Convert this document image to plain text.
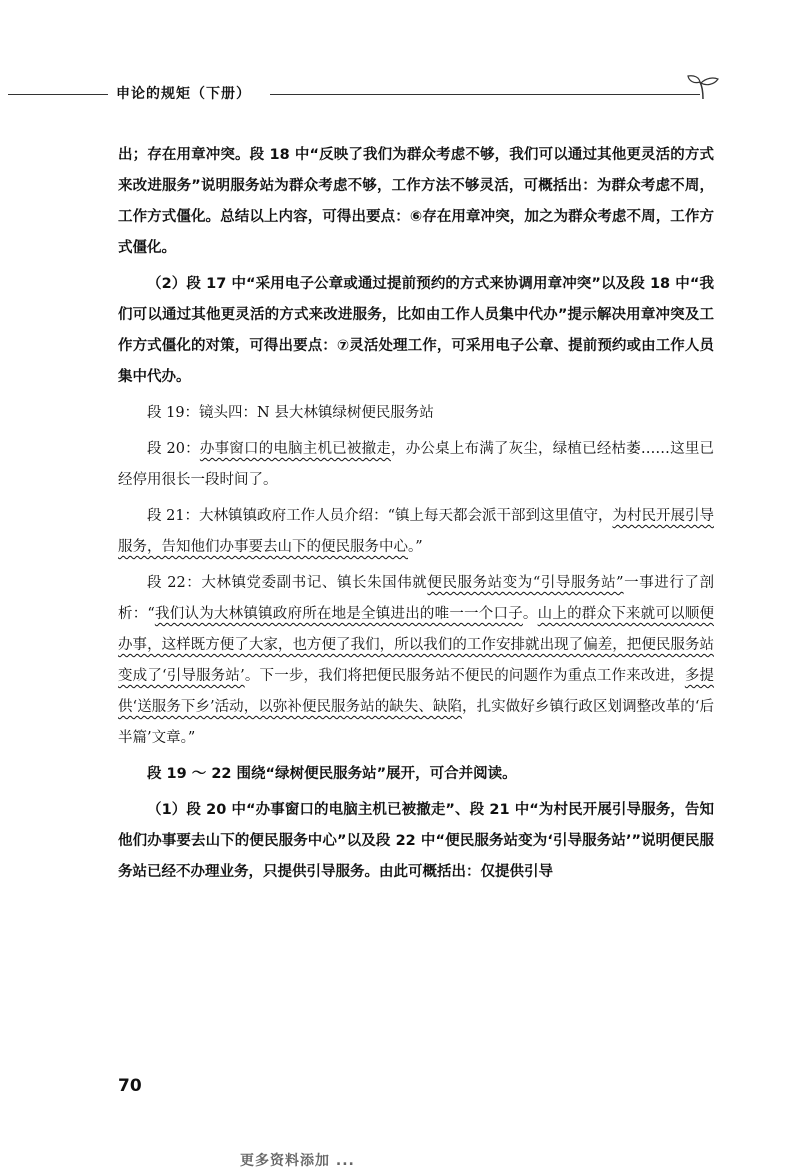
申论的规矩（下册）

出；存在用章冲突。段 18 中“反映了我们为群众考虑不够，我们可以通过其他更灵活的方式来改进服务”说明服务站为群众考虑不够，工作方法不够灵活，可概括出：为群众考虑不周，工作方式僵化。总结以上内容，可得出要点：⑥存在用章冲突，加之为群众考虑不周，工作方式僵化。

（2）段 17 中“采用电子公章或通过提前预约的方式来协调用章冲突”以及段 18 中“我们可以通过其他更灵活的方式来改进服务，比如由工作人员集中代办”提示解决用章冲突及工作方式僵化的对策，可得出要点：⑦灵活处理工作，可采用电子公章、提前预约或由工作人员集中代办。

段 19：镜头四：N 县大林镇绿树便民服务站

段 20：办事窗口的电脑主机已被撤走，办公桌上布满了灰尘，绿植已经枯萎……这里已经停用很长一段时间了。

段 21：大林镇镇政府工作人员介绍：“镇上每天都会派干部到这里值守，为村民开展引导服务，告知他们办事要去山下的便民服务中心。”

段 22：大林镇党委副书记、镇长朱国伟就便民服务站变为“引导服务站”一事进行了剖析：“我们认为大林镇镇政府所在地是全镇进出的唯一一个口子。山上的群众下来就可以顺便办事，这样既方便了大家，也方便了我们，所以我们的工作安排就出现了偏差，把便民服务站变成了‘引导服务站’。下一步，我们将把便民服务站不便民的问题作为重点工作来改进，多提供‘送服务下乡’活动，以弥补便民服务站的缺失、缺陷，扎实做好乡镇行政区划调整改革的‘后半篇’文章。”

段 19 ～ 22 围绕“绿树便民服务站”展开，可合并阅读。

（1）段 20 中“办事窗口的电脑主机已被撤走”、段 21 中“为村民开展引导服务，告知他们办事要去山下的便民服务中心”以及段 22 中“便民服务站变为‘引导服务站’”说明便民服务站已经不办理业务，只提供引导服务。由此可概括出：仅提供引导

70
更多资料添加 ...
